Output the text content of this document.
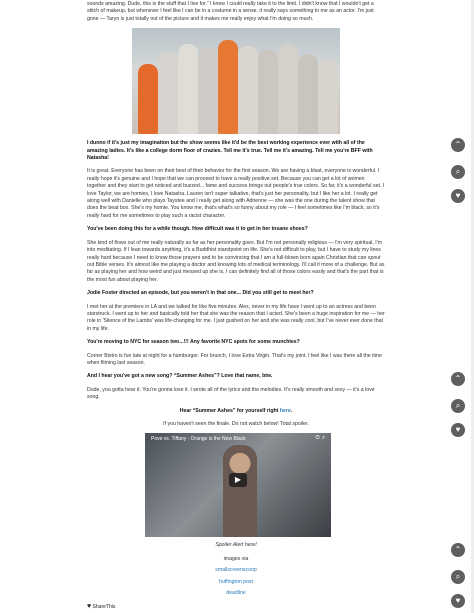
sounds amazing. Dude, this is the stuff that I live for.” I knew I could really take it to the limit. I didn't know that I wouldn't get a stitch of makeup, but whenever I feel like I can be in a costume in a sense, it really says something to me as an actor. I'm just gone — Taryn is just totally out of the picture and it makes me really enjoy what I'm doing so much.

I dunno if it's just my imagination but the show seems like it'd be the best working experience ever with all of the amazing ladies. It's like a college dorm floor of crazies. Tell me it's true. Tell me it's amazing. Tell me you're BFF with Natasha!

It is great. Everyone has been on their best of their behavior for the first season. We are having a blast, everyone is wonderful. I really hope it's genuine and I hope that we can proceed to have a really positive set. Because you can get a lot of women together and they start to get noticed and buzzed... fame and success brings out people's true colors. So far, it's a wonderful set. I love Taylor, we are homies, I love Natasha. Lauren isn't super talkative, that's just her personality, but I like her a lot. I really get along well with Danielle who plays Taystee and I really get along with Adrienne — she was the one during the talent show that does the beat box. She's my homie. You know me, that's what's so funny about my role — I feel sometimes like I'm black, so it's really hard for me sometimes to play such a racist character.

You've been doing this for a while though. How difficult was it to get in her insane shoes?

She kind of flows out of me really naturally as far as her personality goes. But I'm not personally religious — I'm very spiritual, I'm into meditating. If I lean towards anything, it's a Buddhist standpoint on life. She's not difficult to play, but I have to study my lines really hard because I need to know those prayers and to be convincing that I am a full-blown born again Christian that can spout out Bible verses. It's almost like me playing a doctor and knowing lots of medical terminology. I'll call it more of a challenge. But as far as playing her and how weird and just messed up she is, I can definitely find all of those colors easily and that's the part that is the most fun about playing her.

Jodie Foster directed an episode, but you weren't in that one... Did you still get to meet her?

I met her at the premiere in LA and we talked for like five minutes. Alex, never in my life have I went up to an actress and been starstruck. I went up to her and basically told her that she was the reason that I acted. She's been a huge inspiration for me — her role in 'Silence of the Lambs' was life-changing for me. I just gushed on her and she was really cool, but I've never ever done that in my life.

You're moving to NYC for season two...!!! Any favorite NYC spots for some munchies?

Corner Bistro is fun late at night for a hamburger. For brunch, I love Extra Virgin. That's my joint. I feel like I was there all the time when filming last season.

And I hear you've got a new song? “Summer Ashes”? Love that name, btw.

Dude, you gotta hear it. You're gonna lose it. I wrote all of the lyrics and the melodies. It's really smooth and sexy — it's a love song.

Hear “Summer Ashes” for yourself right here.

If you haven't seen the finale. Do not watch below! Total spoiler.

Pove vs. Tiffany - Orange is the New Black	⏲ ⤴
▶

Spoiler Alert here!

images via

smallscreenscoop

huffington post

deadline

♥ ShareThis
⌃
⌕
♥
⌃
⌕
♥
⌃
⌕
♥
